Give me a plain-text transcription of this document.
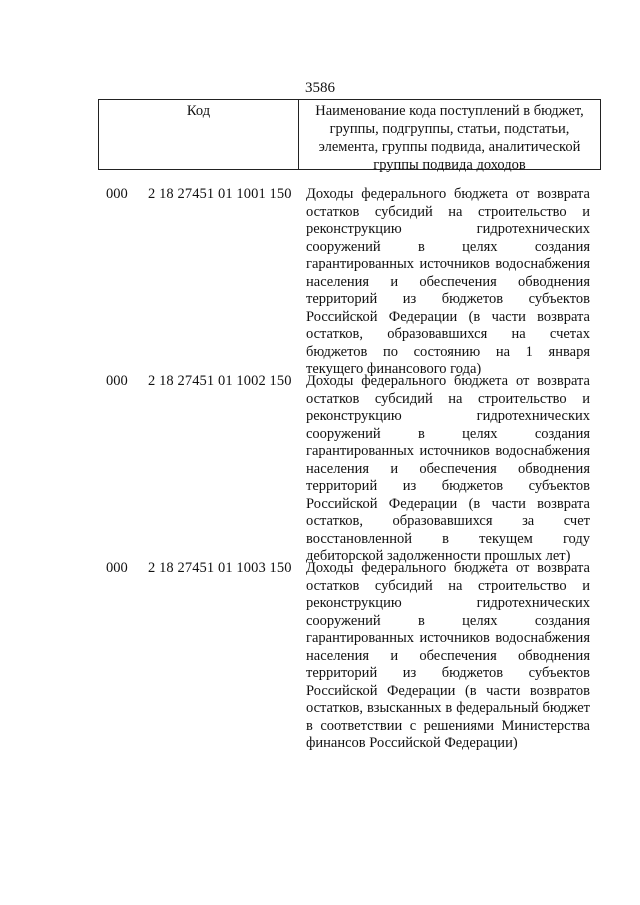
3586
Код	Наименование кода поступлений в бюджет, группы, подгруппы, статьи, подстатьи, элемента, группы подвида, аналитической группы подвида доходов
000 2 18 27451 01 1001 150 Доходы федерального бюджета от возврата остатков субсидий на строительство и реконструкцию гидротехнических сооружений в целях создания гарантированных источников водоснабжения населения и обеспечения обводнения территорий из бюджетов субъектов Российской Федерации (в части возврата остатков, образовавшихся на счетах бюджетов по состоянию на 1 января текущего финансового года)
000 2 18 27451 01 1002 150 Доходы федерального бюджета от возврата остатков субсидий на строительство и реконструкцию гидротехнических сооружений в целях создания гарантированных источников водоснабжения населения и обеспечения обводнения территорий из бюджетов субъектов Российской Федерации (в части возврата остатков, образовавшихся за счет восстановленной в текущем году дебиторской задолженности прошлых лет)
000 2 18 27451 01 1003 150 Доходы федерального бюджета от возврата остатков субсидий на строительство и реконструкцию гидротехнических сооружений в целях создания гарантированных источников водоснабжения населения и обеспечения обводнения территорий из бюджетов субъектов Российской Федерации (в части возвратов остатков, взысканных в федеральный бюджет в соответствии с решениями Министерства финансов Российской Федерации)
